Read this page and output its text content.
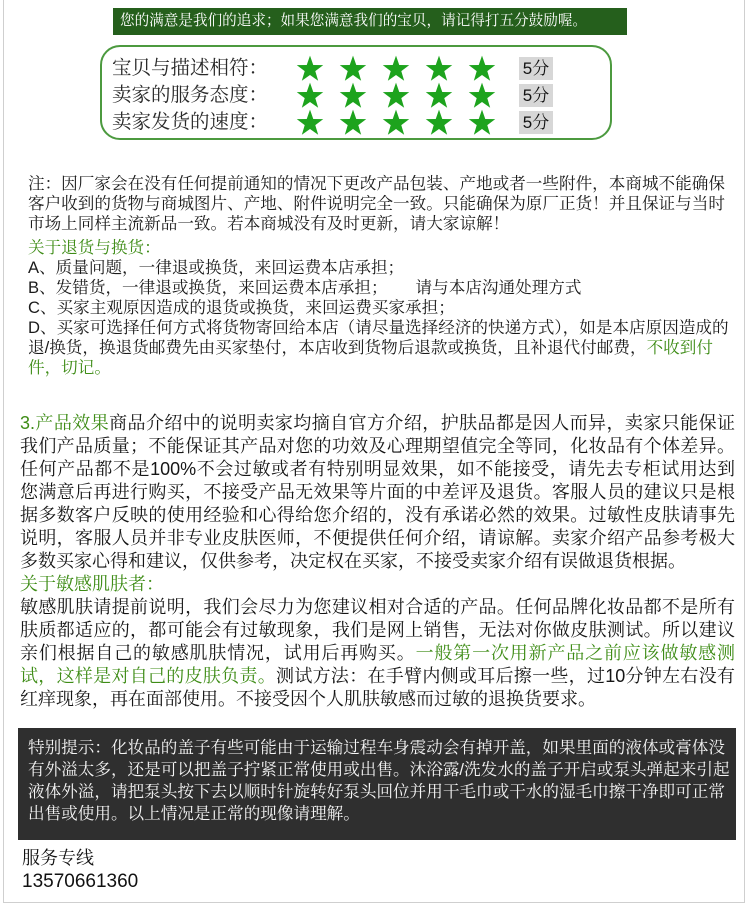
您的满意是我们的追求；如果您满意我们的宝贝，请记得打五分鼓励喔。
宝贝与描述相符：	5分
卖家的服务态度：	5分
卖家发货的速度：	5分
注：因厂家会在没有任何提前通知的情况下更改产品包装、产地或者一些附件，本商城不能确保
客户收到的货物与商城图片、产地、附件说明完全一致。只能确保为原厂正货！并且保证与当时
市场上同样主流新品一致。若本商城没有及时更新，请大家谅解！
关于退货与换货：
A、质量问题，一律退或换货，来回运费本店承担；
B、发错货，一律退或换货，来回运费本店承担； 请与本店沟通处理方式
C、买家主观原因造成的退货或换货，来回运费买家承担；
D、买家可选择任何方式将货物寄回给本店（请尽量选择经济的快递方式），如是本店原因造成的
退/换货，换退货邮费先由买家垫付，本店收到货物后退款或换货，且补退代付邮费，不收到付
件，切记。
3.产品效果商品介绍中的说明卖家均摘自官方介绍，护肤品都是因人而异，卖家只能保证
我们产品质量；不能保证其产品对您的功效及心理期望值完全等同，化妆品有个体差异。
任何产品都不是100%不会过敏或者有特别明显效果，如不能接受，请先去专柜试用达到
您满意后再进行购买，不接受产品无效果等片面的中差评及退货。客服人员的建议只是根
据多数客户反映的使用经验和心得给您介绍的，没有承诺必然的效果。过敏性皮肤请事先
说明，客服人员并非专业皮肤医师，不便提供任何介绍，请谅解。卖家介绍产品参考极大
多数买家心得和建议，仅供参考，决定权在买家，不接受卖家介绍有误做退货根据。
关于敏感肌肤者：
敏感肌肤请提前说明，我们会尽力为您建议相对合适的产品。任何品牌化妆品都不是所有
肤质都适应的，都可能会有过敏现象，我们是网上销售，无法对你做皮肤测试。所以建议
亲们根据自己的敏感肌肤情况，试用后再购买。一般第一次用新产品之前应该做敏感测
试，这样是对自己的皮肤负责。测试方法：在手臂内侧或耳后擦一些，过10分钟左右没有
红痒现象，再在面部使用。不接受因个人肌肤敏感而过敏的退换货要求。
特别提示：化妆品的盖子有些可能由于运输过程车身震动会有掉开盖，如果里面的液体或膏体没
有外溢太多，还是可以把盖子拧紧正常使用或出售。沐浴露/洗发水的盖子开启或泵头弹起来引起
液体外溢，请把泵头按下去以顺时针旋转好泵头回位并用干毛巾或干水的湿毛巾擦干净即可正常
出售或使用。以上情况是正常的现像请理解。
服务专线
13570661360
